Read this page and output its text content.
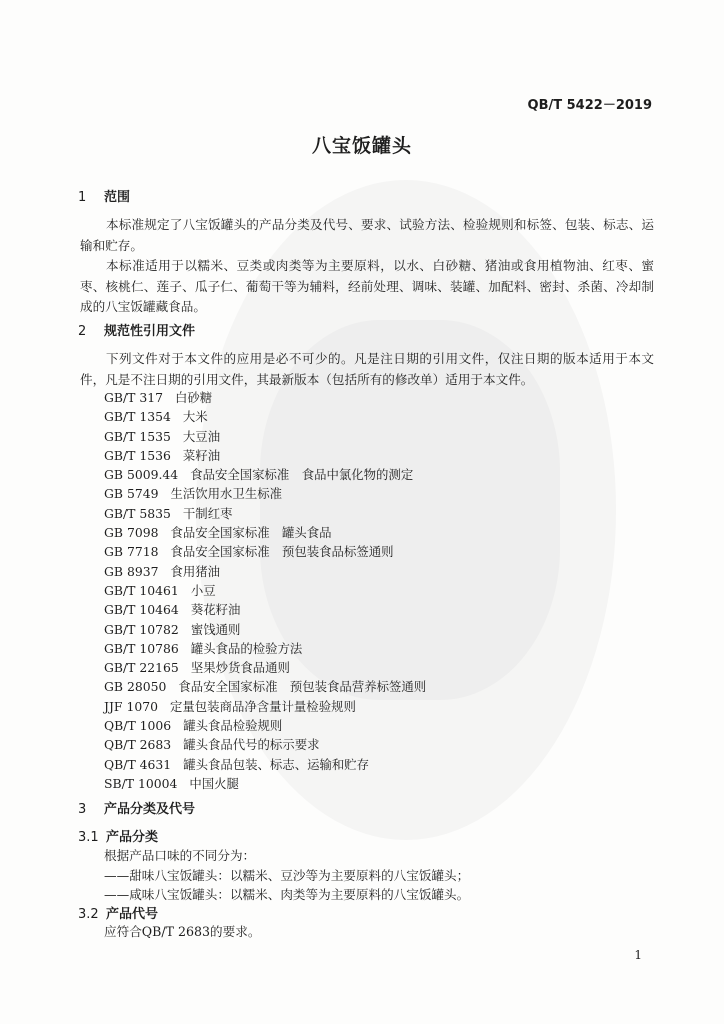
QB/T 5422－2019
八宝饭罐头
1 范围
本标准规定了八宝饭罐头的产品分类及代号、要求、试验方法、检验规则和标签、包装、标志、运输和贮存。
本标准适用于以糯米、豆类或肉类等为主要原料，以水、白砂糖、猪油或食用植物油、红枣、蜜枣、核桃仁、莲子、瓜子仁、葡萄干等为辅料，经前处理、调味、装罐、加配料、密封、杀菌、冷却制成的八宝饭罐藏食品。
2 规范性引用文件
下列文件对于本文件的应用是必不可少的。凡是注日期的引用文件，仅注日期的版本适用于本文件，凡是不注日期的引用文件，其最新版本（包括所有的修改单）适用于本文件。
GB/T 317 白砂糖
GB/T 1354 大米
GB/T 1535 大豆油
GB/T 1536 菜籽油
GB 5009.44 食品安全国家标准　食品中氯化物的测定
GB 5749 生活饮用水卫生标准
GB/T 5835 干制红枣
GB 7098 食品安全国家标准　罐头食品
GB 7718 食品安全国家标准　预包装食品标签通则
GB 8937 食用猪油
GB/T 10461 小豆
GB/T 10464 葵花籽油
GB/T 10782 蜜饯通则
GB/T 10786 罐头食品的检验方法
GB/T 22165 坚果炒货食品通则
GB 28050 食品安全国家标准　预包装食品营养标签通则
JJF 1070 定量包装商品净含量计量检验规则
QB/T 1006 罐头食品检验规则
QB/T 2683 罐头食品代号的标示要求
QB/T 4631 罐头食品包装、标志、运输和贮存
SB/T 10004 中国火腿
3 产品分类及代号
3.1 产品分类
根据产品口味的不同分为：
——甜味八宝饭罐头：以糯米、豆沙等为主要原料的八宝饭罐头；
——咸味八宝饭罐头：以糯米、肉类等为主要原料的八宝饭罐头。
3.2 产品代号
应符合QB/T 2683的要求。
1
